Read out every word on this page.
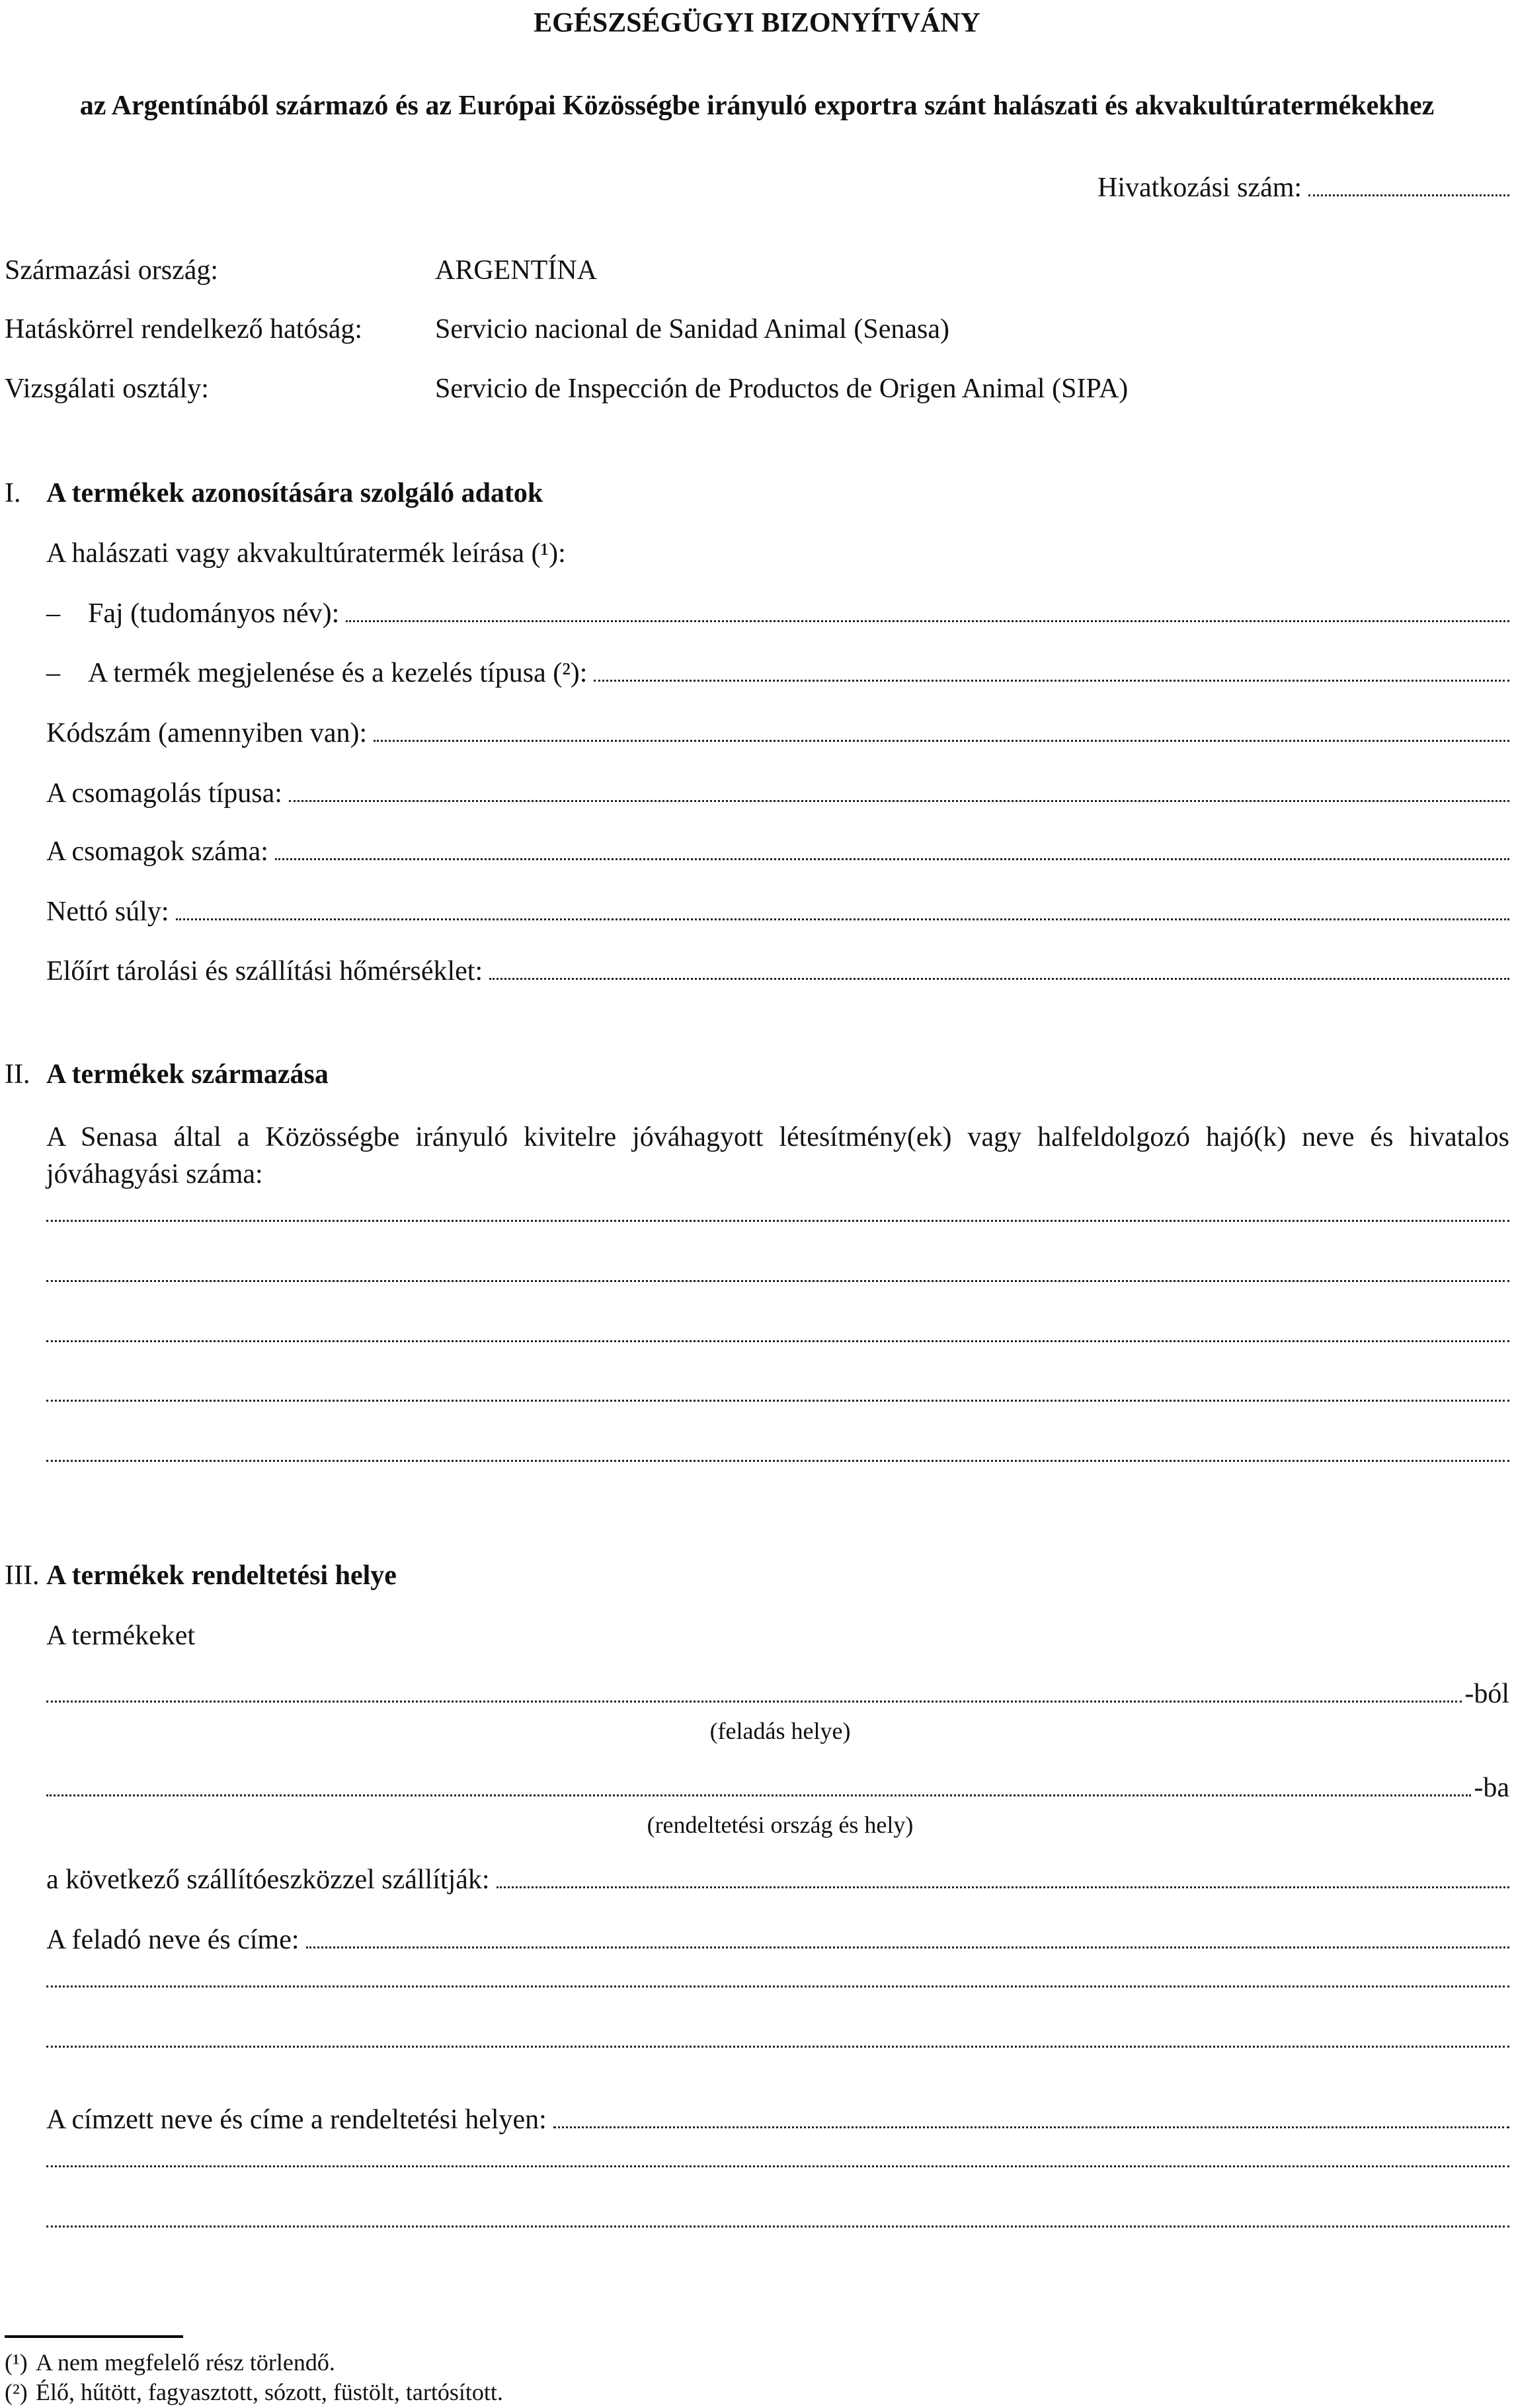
EGÉSZSÉGÜGYI BIZONYÍTVÁNY
az Argentínából származó és az Európai Közösségbe irányuló exportra szánt halászati és akvakultúratermékekhez
Hivatkozási szám:
Származási ország:	ARGENTÍNA
Hatáskörrel rendelkező hatóság:	Servicio nacional de Sanidad Animal (Senasa)
Vizsgálati osztály:	Servicio de Inspección de Productos de Origen Animal (SIPA)
I. A termékek azonosítására szolgáló adatok
A halászati vagy akvakultúratermék leírása (¹):
– Faj (tudományos név):
– A termék megjelenése és a kezelés típusa (²):
Kódszám (amennyiben van):
A csomagolás típusa:
A csomagok száma:
Nettó súly:
Előírt tárolási és szállítási hőmérséklet:
II. A termékek származása
A Senasa által a Közösségbe irányuló kivitelre jóváhagyott létesítmény(ek) vagy halfeldolgozó hajó(k) neve és hivatalos jóváhagyási száma:
III. A termékek rendeltetési helye
A termékeket
-ból
(feladás helye)
-ba
(rendeltetési ország és hely)
a következő szállítóeszközzel szállítják:
A feladó neve és címe:
A címzett neve és címe a rendeltetési helyen:
(¹) A nem megfelelő rész törlendő.
(²) Élő, hűtött, fagyasztott, sózott, füstölt, tartósított.
